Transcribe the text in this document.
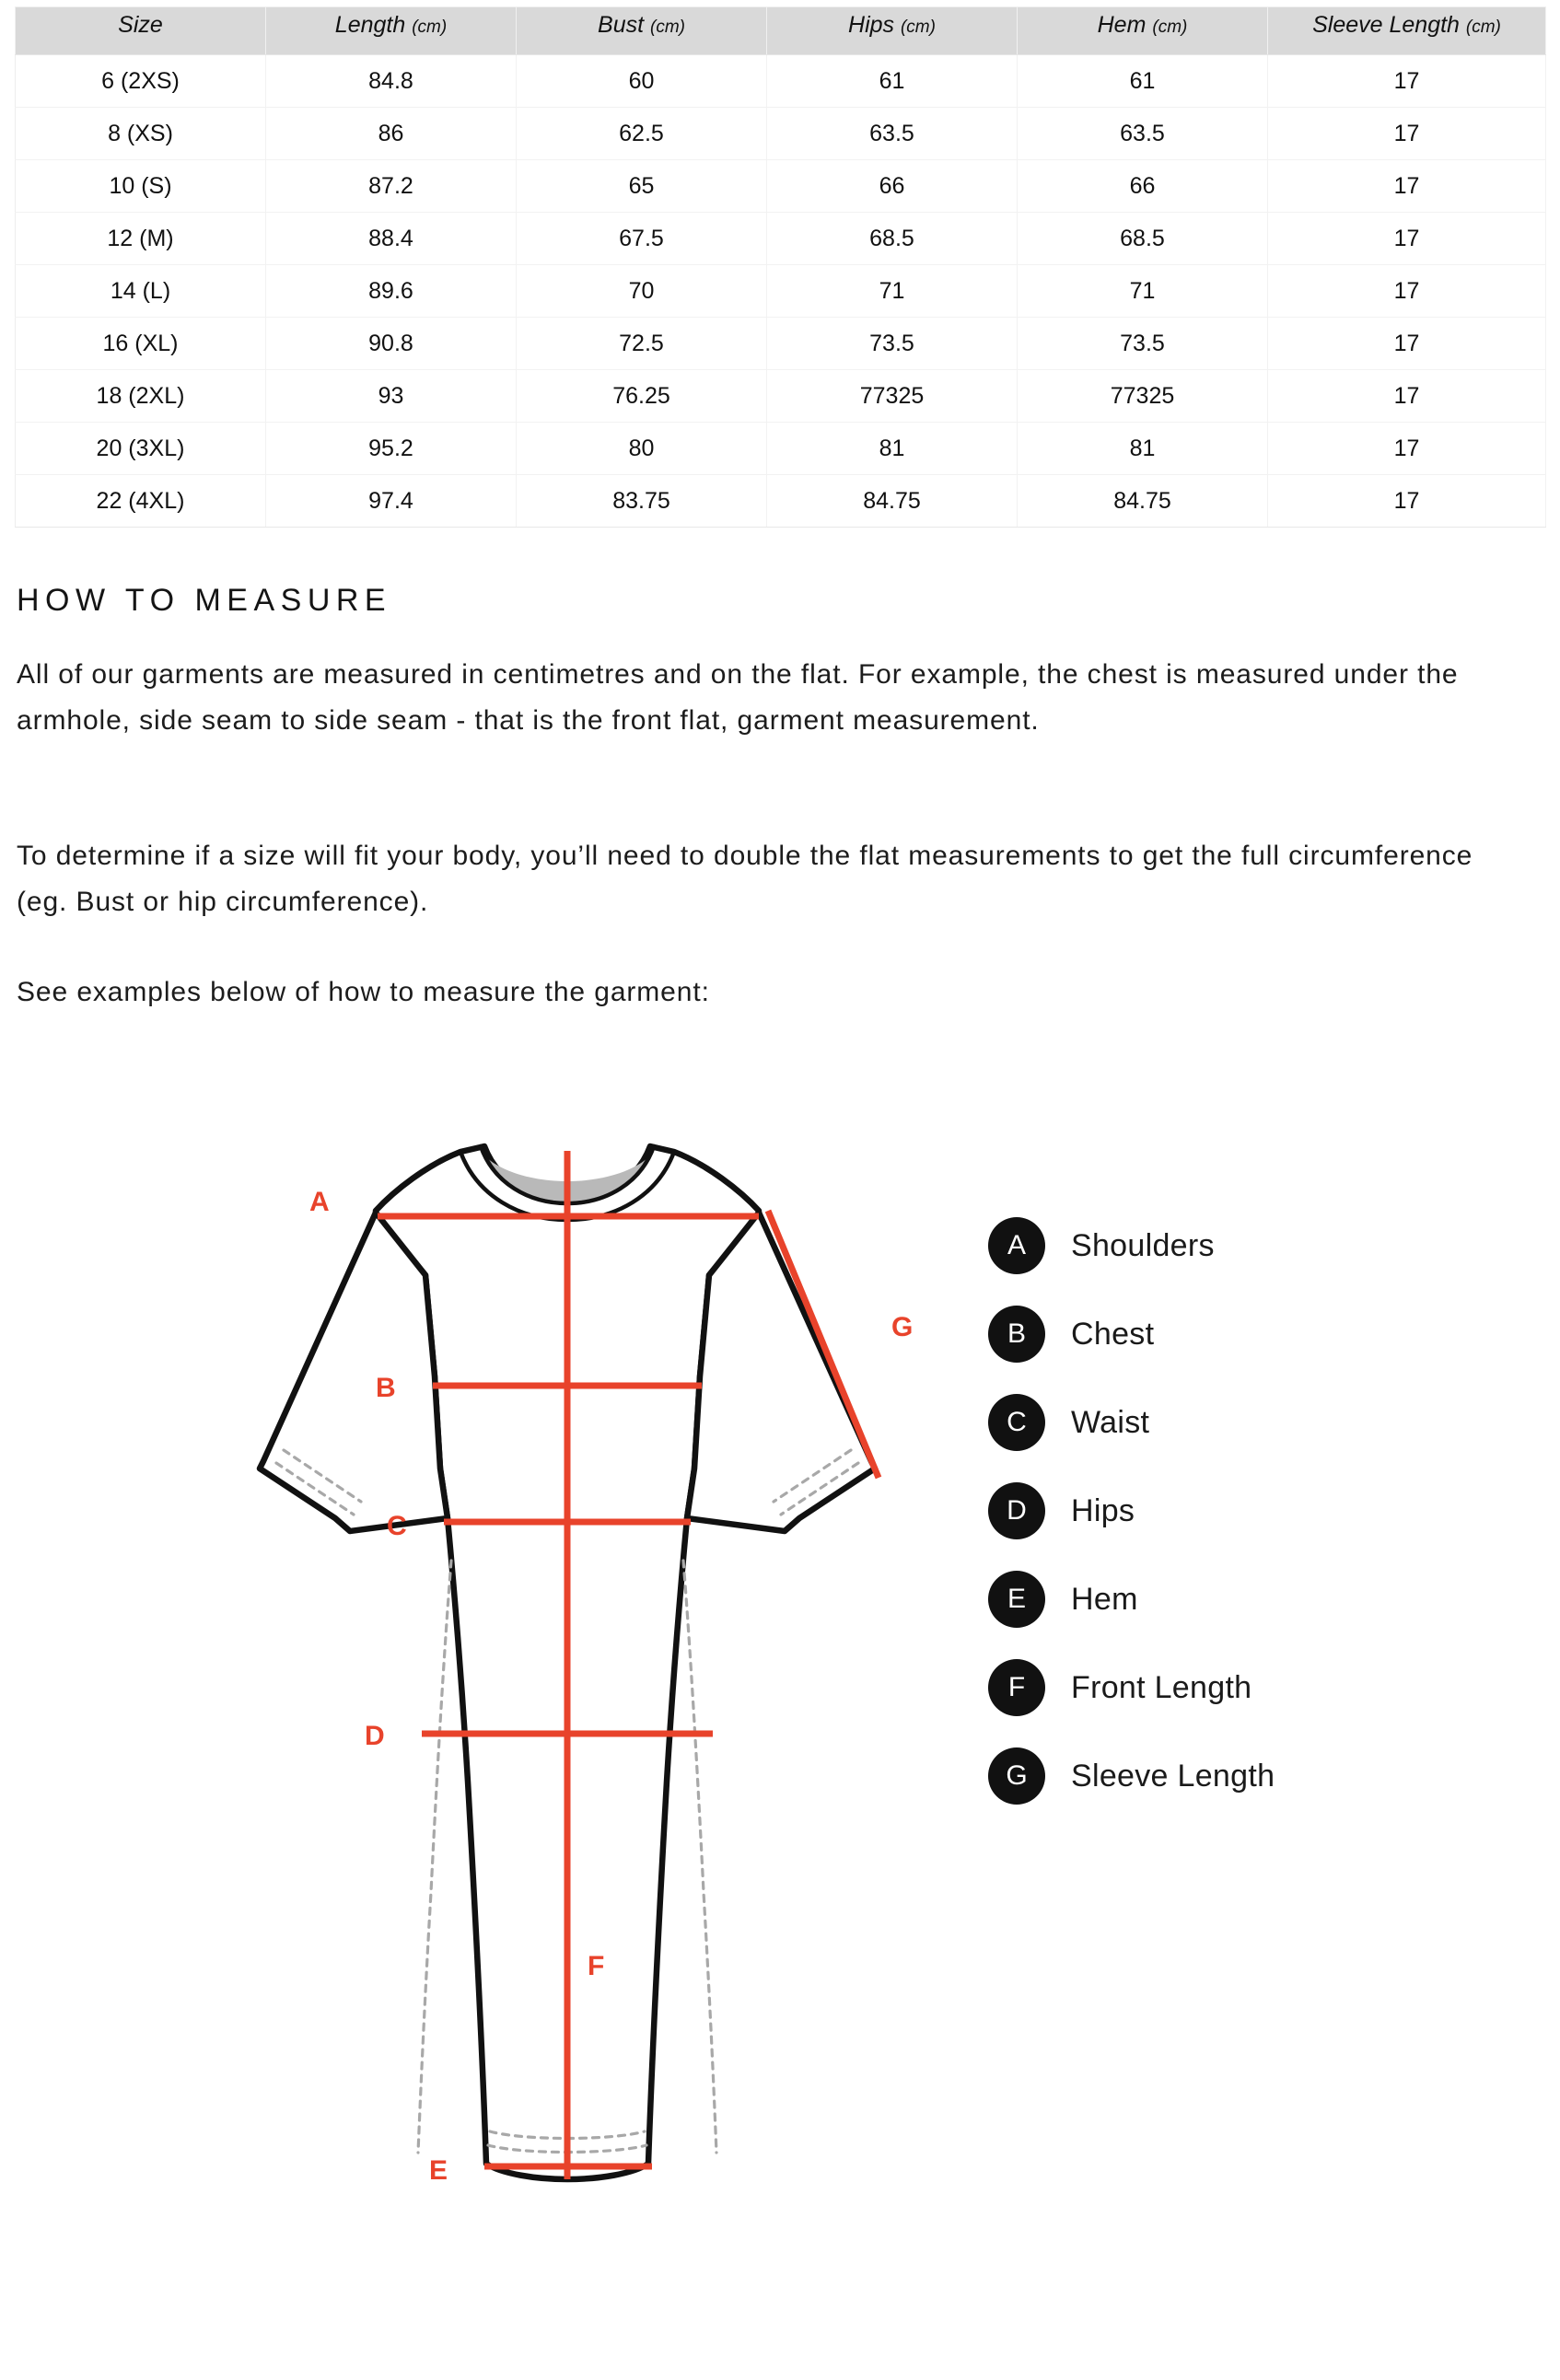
Size	Length (cm)	Bust (cm)	Hips (cm)	Hem (cm)	Sleeve Length (cm)
6 (2XS)	84.8	60	61	61	17
8 (XS)	86	62.5	63.5	63.5	17
10 (S)	87.2	65	66	66	17
12 (M)	88.4	67.5	68.5	68.5	17
14 (L)	89.6	70	71	71	17
16 (XL)	90.8	72.5	73.5	73.5	17
18 (2XL)	93	76.25	77325	77325	17
20 (3XL)	95.2	80	81	81	17
22 (4XL)	97.4	83.75	84.75	84.75	17
HOW TO MEASURE

All of our garments are measured in centimetres and on the flat. For example, the chest is measured under the armhole, side seam to side seam - that is the front flat, garment measurement.

To determine if a size will fit your body, you’ll need to double the flat measurements to get the full circumference (eg. Bust or hip circumference).

See examples below of how to measure the garment:

A
G
B
C
D
F
E
A	Shoulders
B	Chest
C	Waist
D	Hips
E	Hem
F	Front Length
G	Sleeve Length
